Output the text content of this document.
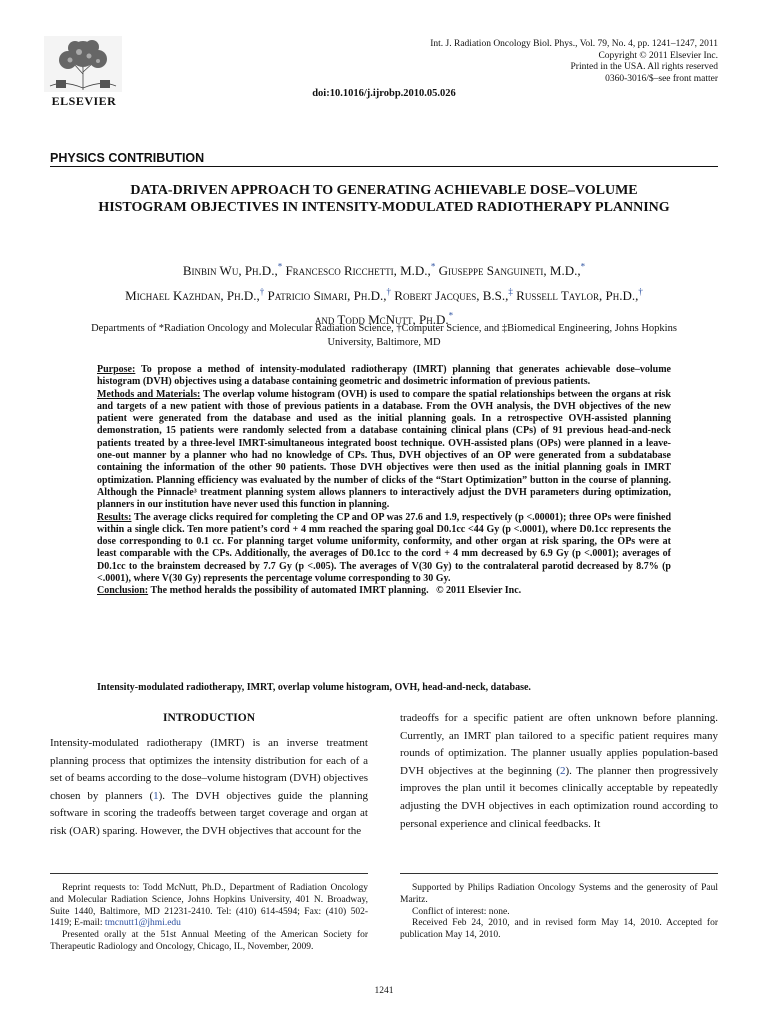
ELSEVIER
Int. J. Radiation Oncology Biol. Phys., Vol. 79, No. 4, pp. 1241–1247, 2011
Copyright © 2011 Elsevier Inc.
Printed in the USA. All rights reserved
0360-3016/$–see front matter
doi:10.1016/j.ijrobp.2010.05.026
PHYSICS CONTRIBUTION
DATA-DRIVEN APPROACH TO GENERATING ACHIEVABLE DOSE–VOLUME HISTOGRAM OBJECTIVES IN INTENSITY-MODULATED RADIOTHERAPY PLANNING
Binbin Wu, Ph.D.,* Francesco Ricchetti, M.D.,* Giuseppe Sanguineti, M.D.,*
Michael Kazhdan, Ph.D.,† Patricio Simari, Ph.D.,† Robert Jacques, B.S.,‡ Russell Taylor, Ph.D.,†
and Todd McNutt, Ph.D.*
Departments of *Radiation Oncology and Molecular Radiation Science, †Computer Science, and ‡Biomedical Engineering, Johns Hopkins University, Baltimore, MD

Purpose: To propose a method of intensity-modulated radiotherapy (IMRT) planning that generates achievable dose–volume histogram (DVH) objectives using a database containing geometric and dosimetric information of previous patients.

Methods and Materials: The overlap volume histogram (OVH) is used to compare the spatial relationships between the organs at risk and targets of a new patient with those of previous patients in a database. From the OVH analysis, the DVH objectives of the new patient were generated from the database and used as the initial planning goals. In a retrospective OVH-assisted planning demonstration, 15 patients were randomly selected from a database containing clinical plans (CPs) of 91 previous head-and-neck patients treated by a three-level IMRT-simultaneous integrated boost technique. OVH-assisted plans (OPs) were planned in a leave-one-out manner by a planner who had no knowledge of CPs. Thus, DVH objectives of an OP were generated from a subdatabase containing the information of the other 90 patients. Those DVH objectives were then used as the initial planning goals in IMRT optimization. Planning efficiency was evaluated by the number of clicks of the “Start Optimization” button in the course of planning. Although the Pinnacle³ treatment planning system allows planners to interactively adjust the DVH parameters during optimization, planners in our institution have never used this function in planning.

Results: The average clicks required for completing the CP and OP was 27.6 and 1.9, respectively (p <.00001); three OPs were finished within a single click. Ten more patient’s cord + 4 mm reached the sparing goal D0.1cc <44 Gy (p <.0001), where D0.1cc represents the dose corresponding to 0.1 cc. For planning target volume uniformity, conformity, and other organ at risk sparing, the OPs were at least comparable with the CPs. Additionally, the averages of D0.1cc to the cord + 4 mm decreased by 6.9 Gy (p <.0001); averages of D0.1cc to the brainstem decreased by 7.7 Gy (p <.005). The averages of V(30 Gy) to the contralateral parotid decreased by 8.7% (p <.0001), where V(30 Gy) represents the percentage volume corresponding to 30 Gy.

Conclusion: The method heralds the possibility of automated IMRT planning. © 2011 Elsevier Inc.

Intensity-modulated radiotherapy, IMRT, overlap volume histogram, OVH, head-and-neck, database.
INTRODUCTION

Intensity-modulated radiotherapy (IMRT) is an inverse treatment planning process that optimizes the intensity distribution for each of a set of beams according to the dose–volume histogram (DVH) objectives chosen by planners (1). The DVH objectives guide the planning software in scoring the tradeoffs between target coverage and organ at risk (OAR) sparing. However, the DVH objectives that account for the

tradeoffs for a specific patient are often unknown before planning. Currently, an IMRT plan tailored to a specific patient requires many rounds of optimization. The planner usually applies population-based DVH objectives at the beginning (2). The planner then progressively improves the plan until it becomes clinically acceptable by repeatedly adjusting the DVH objectives in each optimization round according to personal experience and clinical feedbacks. It

Reprint requests to: Todd McNutt, Ph.D., Department of Radiation Oncology and Molecular Radiation Science, Johns Hopkins University, 401 N. Broadway, Suite 1440, Baltimore, MD 21231-2410. Tel: (410) 614-4594; Fax: (410) 502-1419; E-mail: tmcnutt1@jhmi.edu

Presented orally at the 51st Annual Meeting of the American Society for Therapeutic Radiology and Oncology, Chicago, IL, November, 2009.

Supported by Philips Radiation Oncology Systems and the generosity of Paul Maritz.

Conflict of interest: none.

Received Feb 24, 2010, and in revised form May 14, 2010. Accepted for publication May 14, 2010.

1241
